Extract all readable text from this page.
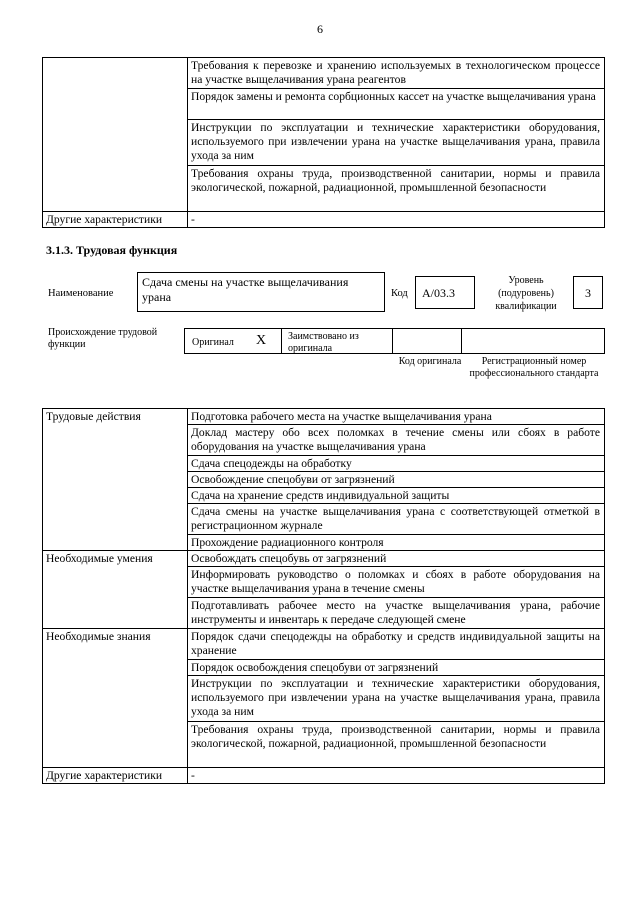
6
	Требования к перевозке и хранению используемых в технологическом процессе на участке выщелачивания урана реагентов
	Порядок замены и ремонта сорбционных кассет на участке выщелачивания урана
	Инструкции по эксплуатации и технические характеристики оборудования, используемого при извлечении урана на участке выщелачивания урана, правила ухода за ним
	Требования охраны труда, производственной санитарии, нормы и правила экологической, пожарной, радиационной, промышленной безопасности
Другие характеристики	-
3.1.3. Трудовая функция
Наименование
Сдача смены на участке выщелачивания урана	Код	А/03.3
Уровень (подуровень) квалификации
3
Происхождение трудовой функции	Оригинал X	Заимствовано из оригинала
Код оригинала	Регистрационный номер профессионального стандарта
Трудовые действия	Подготовка рабочего места на участке выщелачивания урана
	Доклад мастеру обо всех поломках в течение смены или сбоях в работе оборудования на участке выщелачивания урана
	Сдача спецодежды на обработку
	Освобождение спецобуви от загрязнений
	Сдача на хранение средств индивидуальной защиты
	Сдача смены на участке выщелачивания урана с соответствующей отметкой в регистрационном журнале
	Прохождение радиационного контроля
Необходимые умения	Освобождать спецобувь от загрязнений
	Информировать руководство о поломках и сбоях в работе оборудования на участке выщелачивания урана в течение смены
	Подготавливать рабочее место на участке выщелачивания урана, рабочие инструменты и инвентарь к передаче следующей смене
Необходимые знания	Порядок сдачи спецодежды на обработку и средств индивидуальной защиты на хранение
	Порядок освобождения спецобуви от загрязнений
	Инструкции по эксплуатации и технические характеристики оборудования, используемого при извлечении урана на участке выщелачивания урана, правила ухода за ним
	Требования охраны труда, производственной санитарии, нормы и правила экологической, пожарной, радиационной, промышленной безопасности
Другие характеристики	-
